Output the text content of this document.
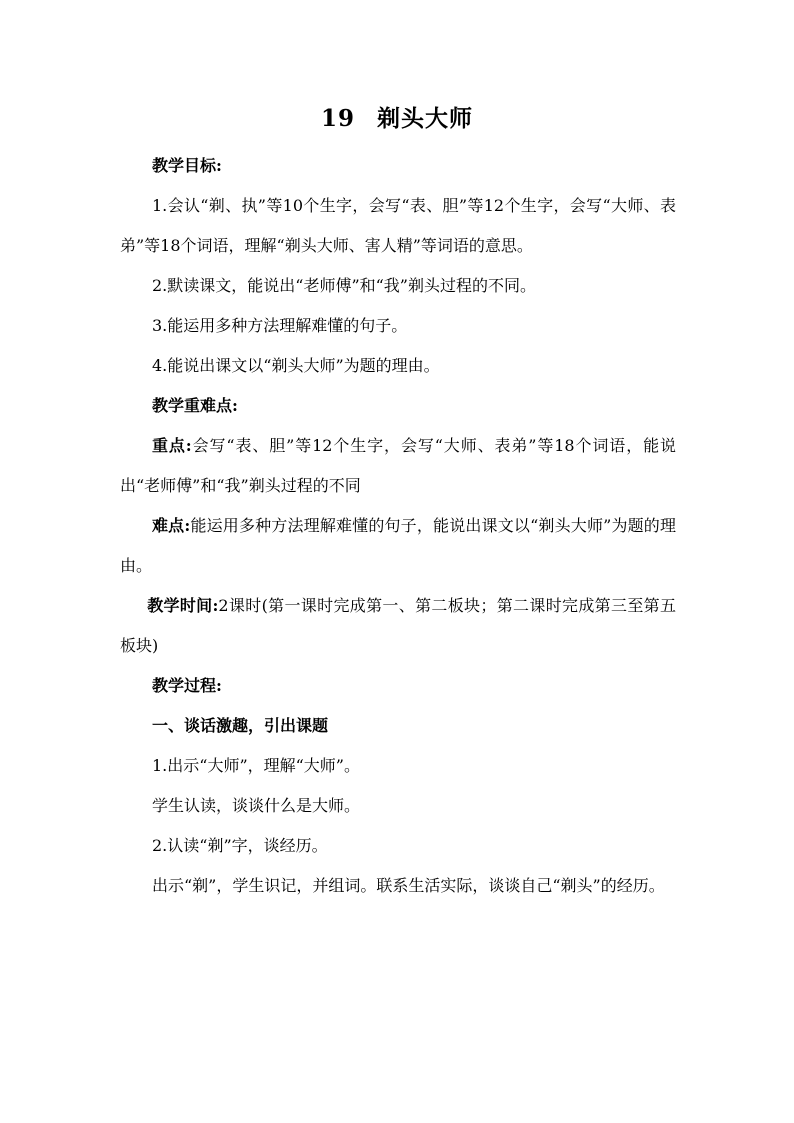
19 剃头大师

教学目标:

1.会认“剃、执”等10个生字，会写“表、胆”等12个生字，会写“大师、表弟”等18个词语，理解“剃头大师、害人精”等词语的意思。

2.默读课文，能说出“老师傅”和“我”剃头过程的不同。

3.能运用多种方法理解难懂的句子。

4.能说出课文以“剃头大师”为题的理由。

教学重难点:

重点:会写“表、胆”等12个生字，会写“大师、表弟”等18个词语，能说出“老师傅”和“我”剃头过程的不同

难点:能运用多种方法理解难懂的句子，能说出课文以“剃头大师”为题的理由。

教学时间:2课时(第一课时完成第一、第二板块；第二课时完成第三至第五板块)

教学过程:

一、谈话激趣，引出课题

1.出示“大师”，理解“大师”。

学生认读，谈谈什么是大师。

2.认读“剃”字，谈经历。

出示“剃”，学生识记，并组词。联系生活实际，谈谈自己“剃头”的经历。
